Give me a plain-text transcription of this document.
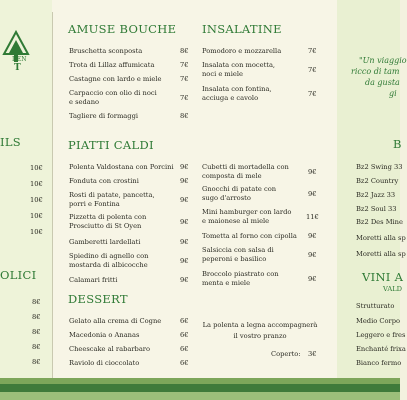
DEN
T
ILS
10€
10€
10€
10€
10€
OLICI
8€
8€
8€
8€
8€
AMUSE BOUCHE
Bruschetta sconposta	8€
Trota di Lillaz affumicata	7€
Castagne con lardo e miele	7€
Carpaccio con olio di noci e sedano	7€
Tagliere di formaggi	8€
INSALATINE
Pomodoro e mozzarella	7€
Insalata con mocetta, noci e miele	7€
Insalata con fontina, acciuga e cavolo	7€
PIATTI CALDI
Polenta Valdostana con Porcini 9€
Fonduta con crostini	9€
Rosti di patate, pancetta, porri e Fontina	9€
Pizzetta di polenta con Prosciutto di St Oyen	9€
Gamberetti lardellati	9€
Spiedino di agnello con mostarda di albicocche	9€
Calamari fritti	9€
Cubetti di mortadella con composta di mele	9€
Gnocchi di patate con sugo d'arrosto	9€
Mini hamburger con lardo e maionese al miele	11€
Tometta al forno con cipolla	9€
Salsiccia con salsa di peperoni e basilico	9€
Broccolo piastrato con menta e miele	9€
DESSERT
Gelato alla crema di Cogne	6€
Macedonia o Ananas	6€
Cheescake al rabarbaro	6€
Raviolo di cioccolato	6€
La polenta a legna accompagnerà
il vostro pranzo
Coperto: 3€
"Un viaggio
ricco di tam
da gusta
gi
B
Bz2 Swing 33
Bz2 Country
Bz2 Jazz 33
Bz2 Soul 33
Bz2 Des Mine
Moretti alla sp
Moretti alla sp
VINI A
VALD
Strutturato
Medio Corpo
Leggero e fres
Enchanté frixa
Bianco fermo
